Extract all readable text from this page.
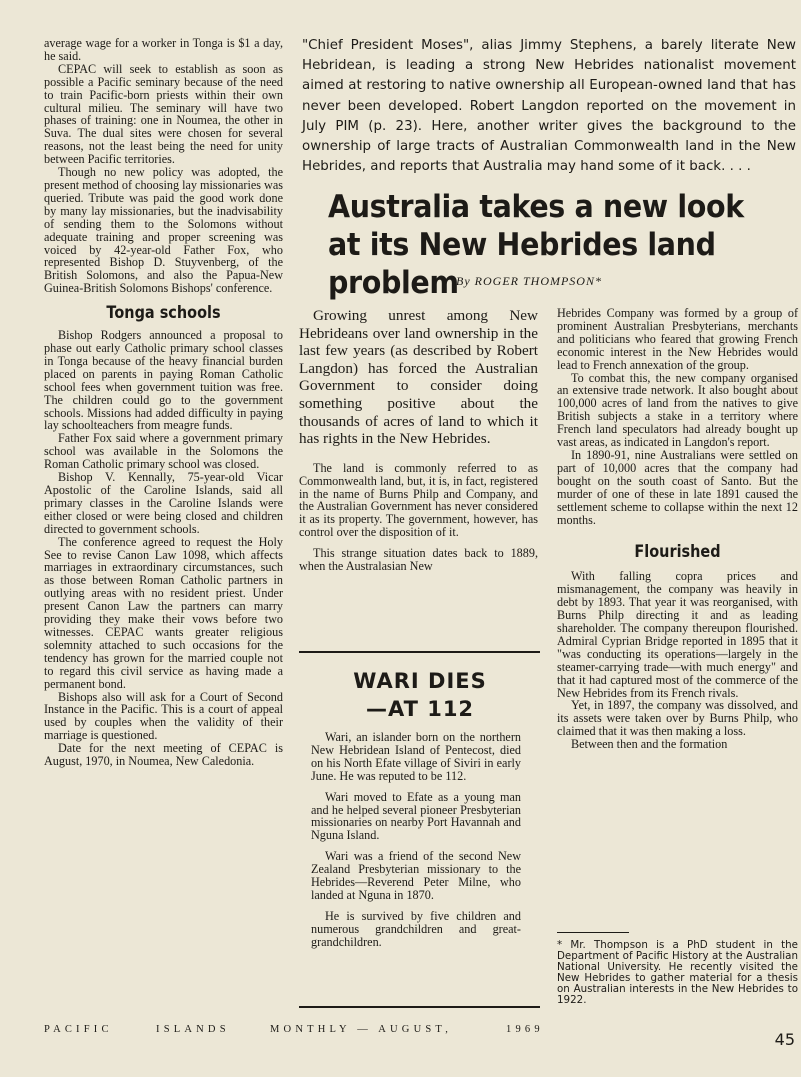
average wage for a worker in Tonga is $1 a day, he said.

CEPAC will seek to establish as soon as possible a Pacific seminary because of the need to train Pacific-born priests within their own cultural milieu. The seminary will have two phases of training: one in Noumea, the other in Suva. The dual sites were chosen for several reasons, not the least being the need for unity between Pacific territories.

Though no new policy was adopted, the present method of choosing lay missionaries was queried. Tribute was paid the good work done by many lay missionaries, but the inadvisability of sending them to the Solomons without adequate training and proper screening was voiced by 42-year-old Father Fox, who represented Bishop D. Stuyvenberg, of the British Solomons, and also the Papua-New Guinea-British Solomons Bishops' conference.

Tonga schools

Bishop Rodgers announced a proposal to phase out early Catholic primary school classes in Tonga because of the heavy financial burden placed on parents in paying Roman Catholic school fees when government tuition was free. The children could go to the government schools. Missions had added difficulty in paying lay schoolteachers from meagre funds.

Father Fox said where a government primary school was available in the Solomons the Roman Catholic primary school was closed.

Bishop V. Kennally, 75-year-old Vicar Apostolic of the Caroline Islands, said all primary classes in the Caroline Islands were either closed or were being closed and children directed to government schools.

The conference agreed to request the Holy See to revise Canon Law 1098, which affects marriages in extraordinary circumstances, such as those between Roman Catholic partners in outlying areas with no resident priest. Under present Canon Law the partners can marry providing they make their vows before two witnesses. CEPAC wants greater religious solemnity attached to such occasions for the tendency has grown for the married couple not to regard this civil service as having made a permanent bond.

Bishops also will ask for a Court of Second Instance in the Pacific. This is a court of appeal used by couples when the validity of their marriage is questioned.

Date for the next meeting of CEPAC is August, 1970, in Noumea, New Caledonia.

"Chief President Moses", alias Jimmy Stephens, a barely literate New Hebridean, is leading a strong New Hebrides nationalist movement aimed at restoring to native ownership all European-owned land that has never been developed. Robert Langdon reported on the movement in July PIM (p. 23). Here, another writer gives the background to the ownership of large tracts of Australian Commonwealth land in the New Hebrides, and reports that Australia may hand some of it back. . . .

Australia takes a new look at its New Hebrides land problem

By ROGER THOMPSON*

Growing unrest among New Hebrideans over land ownership in the last few years (as described by Robert Langdon) has forced the Australian Government to consider doing something positive about the thousands of acres of land to which it has rights in the New Hebrides.

The land is commonly referred to as Commonwealth land, but, it is, in fact, registered in the name of Burns Philp and Company, and the Australian Government has never considered it as its property. The government, however, has control over the disposition of it.

This strange situation dates back to 1889, when the Australasian New

Hebrides Company was formed by a group of prominent Australian Presbyterians, merchants and politicians who feared that growing French economic interest in the New Hebrides would lead to French annexation of the group.

To combat this, the new company organised an extensive trade network. It also bought about 100,000 acres of land from the natives to give British subjects a stake in a territory where French land speculators had already bought up vast areas, as indicated in Langdon's report.

In 1890-91, nine Australians were settled on part of 10,000 acres that the company had bought on the south coast of Santo. But the murder of one of these in late 1891 caused the settlement scheme to collapse within the next 12 months.

Flourished

With falling copra prices and mismanagement, the company was heavily in debt by 1893. That year it was reorganised, with Burns Philp directing it and as leading shareholder. The company thereupon flourished. Admiral Cyprian Bridge reported in 1895 that it "was conducting its operations—largely in the steamer-carrying trade—with much energy" and that it had captured most of the commerce of the New Hebrides from its French rivals.

Yet, in 1897, the company was dissolved, and its assets were taken over by Burns Philp, who claimed that it was then making a loss.

Between then and the formation

* Mr. Thompson is a PhD student in the Department of Pacific History at the Australian National University. He recently visited the New Hebrides to gather material for a thesis on Australian interests in the New Hebrides to 1922.

WARI DIES
—AT 112

Wari, an islander born on the northern New Hebridean Island of Pentecost, died on his North Efate village of Siviri in early June. He was reputed to be 112.

Wari moved to Efate as a young man and he helped several pioneer Presbyterian missionaries on nearby Port Havannah and Nguna Island.

Wari was a friend of the second New Zealand Presbyterian missionary to the Hebrides—Reverend Peter Milne, who landed at Nguna in 1870.

He is survived by five children and numerous grandchildren and great-grandchildren.

PACIFIC	ISLANDS	MONTHLY — AUGUST,	1969

45
